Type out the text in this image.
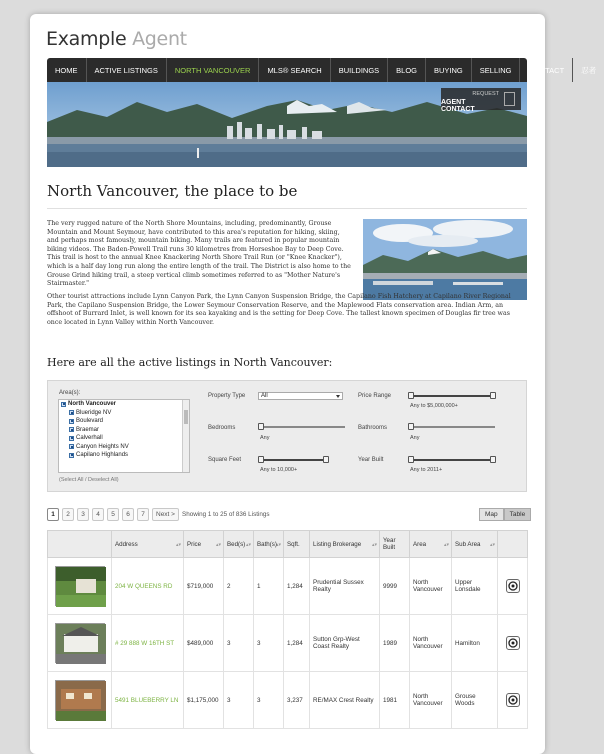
Example Agent
HOME	ACTIVE LISTINGS	NORTH VANCOUVER	MLS® SEARCH	BUILDINGS	BLOG	BUYING	SELLING	CONTACT	忍者
REQUEST
AGENT CONTACT
North Vancouver, the place to be

The very rugged nature of the North Shore Mountains, including, predominantly, Grouse Mountain and Mount Seymour, have contributed to this area's reputation for hiking, skiing, and perhaps most famously, mountain biking. Many trails are featured in popular mountain biking videos. The Baden-Powell Trail runs 30 kilometres from Horseshoe Bay to Deep Cove. This trail is host to the annual Knee Knackering North Shore Trail Run (or "Knee Knacker"), which is a half day long run along the entire length of the trail. The District is also home to the Grouse Grind hiking trail, a steep vertical climb sometimes referred to as "Mother Nature's Stairmaster."

Other tourist attractions include Lynn Canyon Park, the Lynn Canyon Suspension Bridge, the Capilano Fish Hatchery at Capilano River Regional Park, the Capilano Suspension Bridge, the Lower Seymour Conservation Reserve, and the Maplewood Flats conservation area. Indian Arm, an offshoot of Burrard Inlet, is well known for its sea kayaking and is the setting for Deep Cove. The tallest known specimen of Douglas fir tree was once located in Lynn Valley within North Vancouver.

Here are all the active listings in North Vancouver:
Area(s):
North Vancouver
Blueridge NV
Boulevard
Braemar
Calverhall
Canyon Heights NV
Capilano Highlands
(Select All / Deselect All)
Property Type	All	Price Range
Any to $5,000,000+
Bedrooms
Any
Bathrooms
Any
Square Feet
Any to 10,000+
Year Built
Any to 2011+
1	2	3	4	5	6	7	Next >	Showing 1 to 25 of 836 Listings	Map	Table
	Address ▴▾	Price ▴▾	Bed(s) ▴▾	Bath(s) ▴▾	Sqft.	Listing Brokerage ▴▾	Year Built	Area ▴▾	Sub Area ▴▾	

	204 W QUEENS RD	$719,000	2	1	1,284	Prudential Sussex Realty	9999	North Vancouver	Upper Lonsdale	

	# 29 888 W 16TH ST	$489,000	3	3	1,284	Sutton Grp-West Coast Realty	1989	North Vancouver	Hamilton	

	5491 BLUEBERRY LN	$1,175,000	3	3	3,237	RE/MAX Crest Realty	1981	North Vancouver	Grouse Woods	
